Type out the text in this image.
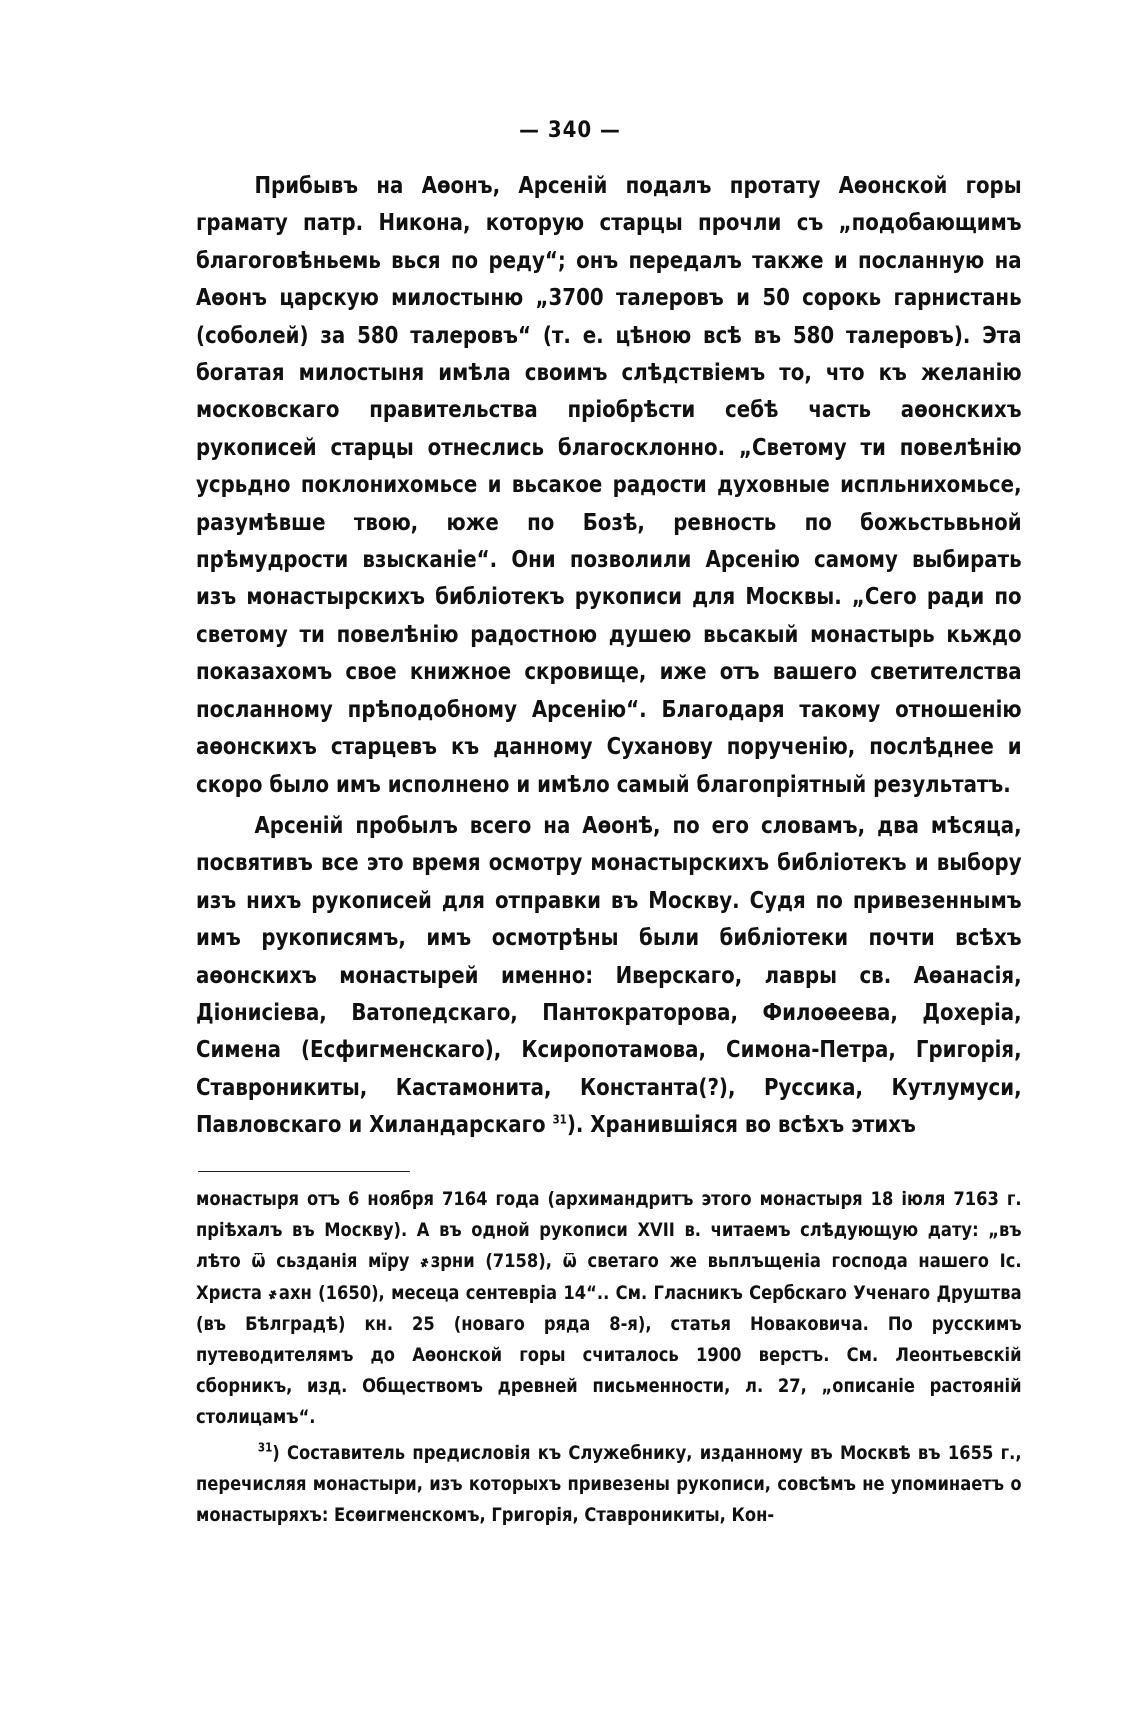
— 340 —

Прибывъ на Аѳонъ, Арсеній подалъ протату Аѳонской горы грамату патр. Никона, которую старцы прочли съ „подобающимъ благоговѣньемь вься по реду“; онъ передалъ также и посланную на Аѳонъ царскую милостыню „3700 талеровъ и 50 сорокь гарнистань (соболей) за 580 талеровъ“ (т. е. цѣною всѣ въ 580 талеровъ). Эта богатая милостыня имѣла своимъ слѣдствіемъ то, что къ желанію московскаго правительства пріобрѣсти себѣ часть аѳонскихъ рукописей старцы отнеслись благосклонно. „Светому ти повелѣнію усрьдно поклонихомьсе и вьсакое радости духовные испльнихомьсе, разумѣвше твою, юже по Бозѣ, ревность по божьстьвьной прѣмудрости взысканіе“. Они позволили Арсенію самому выбирать изъ монастырскихъ библіотекъ рукописи для Москвы. „Сего ради по светому ти повелѣнію радостною душею вьсакый монастырь кьждо показахомъ свое книжное скровище, иже отъ вашего светителства посланному прѣподобному Арсенію“. Благодаря такому отношенію аѳонскихъ старцевъ къ данному Суханову порученію, послѣднее и скоро было имъ исполнено и имѣло самый благопріятный результатъ.

Арсеній пробылъ всего на Аѳонѣ, по его словамъ, два мѣсяца, посвятивъ все это время осмотру монастырскихъ библіотекъ и выбору изъ нихъ рукописей для отправки въ Москву. Судя по привезеннымъ имъ рукописямъ, имъ осмотрѣны были библіотеки почти всѣхъ аѳонскихъ монастырей именно: Иверскаго, лавры св. Аѳанасія, Діонисіева, Ватопедскаго, Пантократорова, Филоѳеева, Дохеріа, Симена (Есфигменскаго), Ксиропотамова, Симона-Петра, Григорія, Ставроникиты, Кастамонита, Константа(?), Руссика, Кутлумуси, Павловскаго и Хиландарскаго $^{31}$). Хранившіяся во всѣхъ этихъ

монастыря отъ 6 ноября 7164 года (архимандритъ этого монастыря 18 іюля 7163 г. пріѣхалъ въ Москву). А въ одной рукописи XVII в. читаемъ слѣдующую дату: „въ лѣто ѿ сьзданія мїру ҂зрни (7158), ѿ светаго же вьплъщеніа господа нашего Іс. Христа ҂ахн (1650), месеца сентевріа 14“.. См. Гласникъ Сербскаго Ученаго Друштва (въ Бѣлградѣ) кн. 25 (новаго ряда 8-я), статья Новаковича. По русскимъ путеводителямъ до Аѳонской горы считалось 1900 верстъ. См. Леонтьевскій сборникъ, изд. Обществомъ древней письменности, л. 27, „описаніе растояній столицамъ“.

$^{31}$) Составитель предисловія къ Служебнику, изданному въ Москвѣ въ 1655 г., перечисляя монастыри, изъ которыхъ привезены рукописи, совсѣмъ не упоминаетъ о монастыряхъ: Есѳигменскомъ, Григорія, Ставроникиты, Кон-
